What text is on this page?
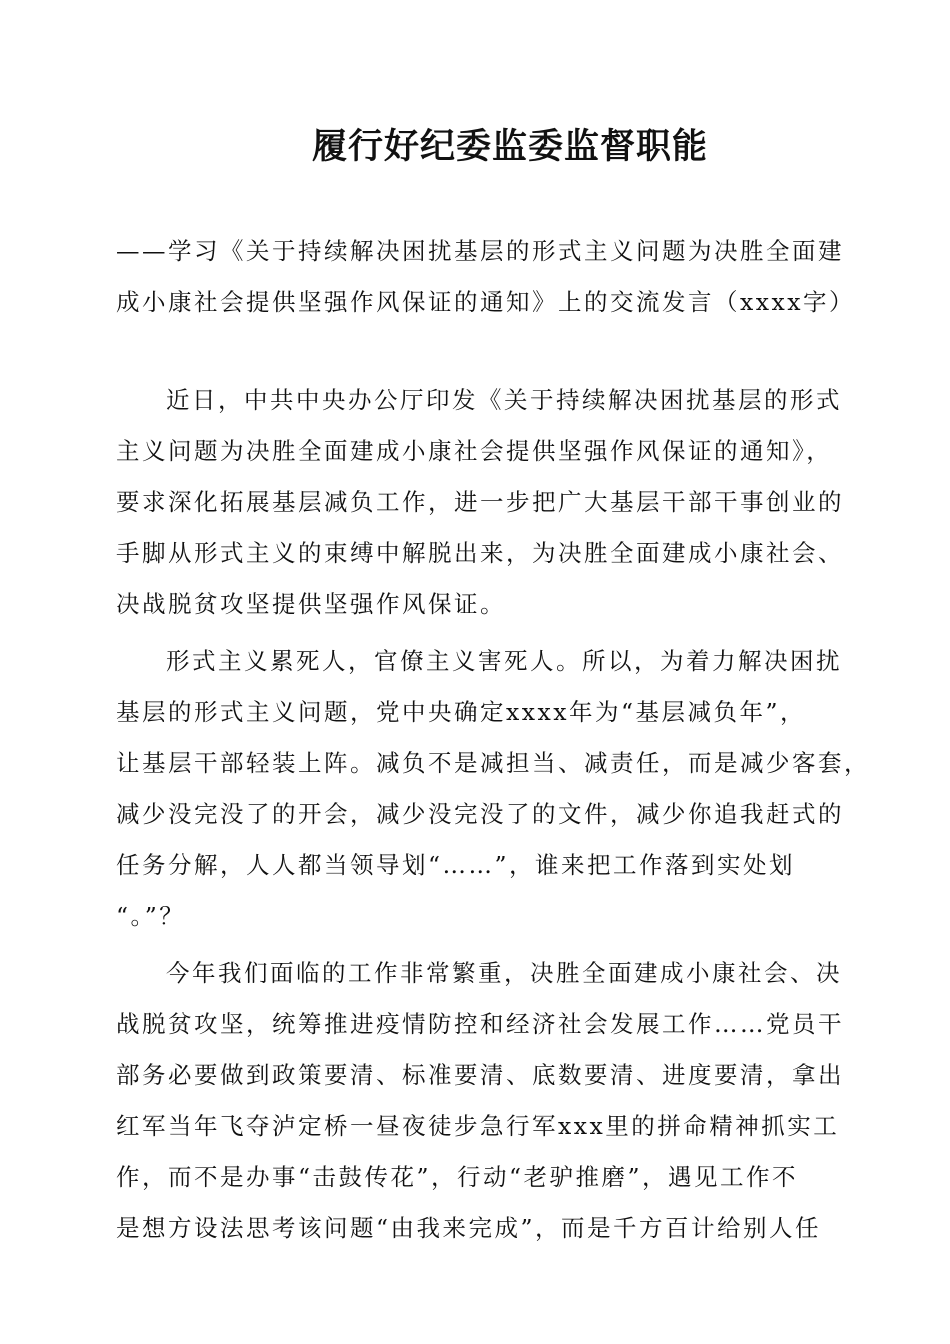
履行好纪委监委监督职能
——学习《关于持续解决困扰基层的形式主义问题为决胜全面建
成小康社会提供坚强作风保证的通知》上的交流发言（xxxx字）
近日，中共中央办公厅印发《关于持续解决困扰基层的形式
主义问题为决胜全面建成小康社会提供坚强作风保证的通知》，
要求深化拓展基层减负工作，进一步把广大基层干部干事创业的
手脚从形式主义的束缚中解脱出来，为决胜全面建成小康社会、
决战脱贫攻坚提供坚强作风保证。
形式主义累死人，官僚主义害死人。所以，为着力解决困扰
基层的形式主义问题，党中央确定xxxx年为“基层减负年”，
让基层干部轻装上阵。减负不是减担当、减责任，而是减少客套，
减少没完没了的开会，减少没完没了的文件，减少你追我赶式的
任务分解，人人都当领导划“……”，谁来把工作落到实处划
“。”？
今年我们面临的工作非常繁重，决胜全面建成小康社会、决
战脱贫攻坚，统筹推进疫情防控和经济社会发展工作……党员干
部务必要做到政策要清、标准要清、底数要清、进度要清，拿出
红军当年飞夺泸定桥一昼夜徒步急行军xxx里的拼命精神抓实工
作，而不是办事“击鼓传花”，行动“老驴推磨”，遇见工作不
是想方设法思考该问题“由我来完成”，而是千方百计给别人任
